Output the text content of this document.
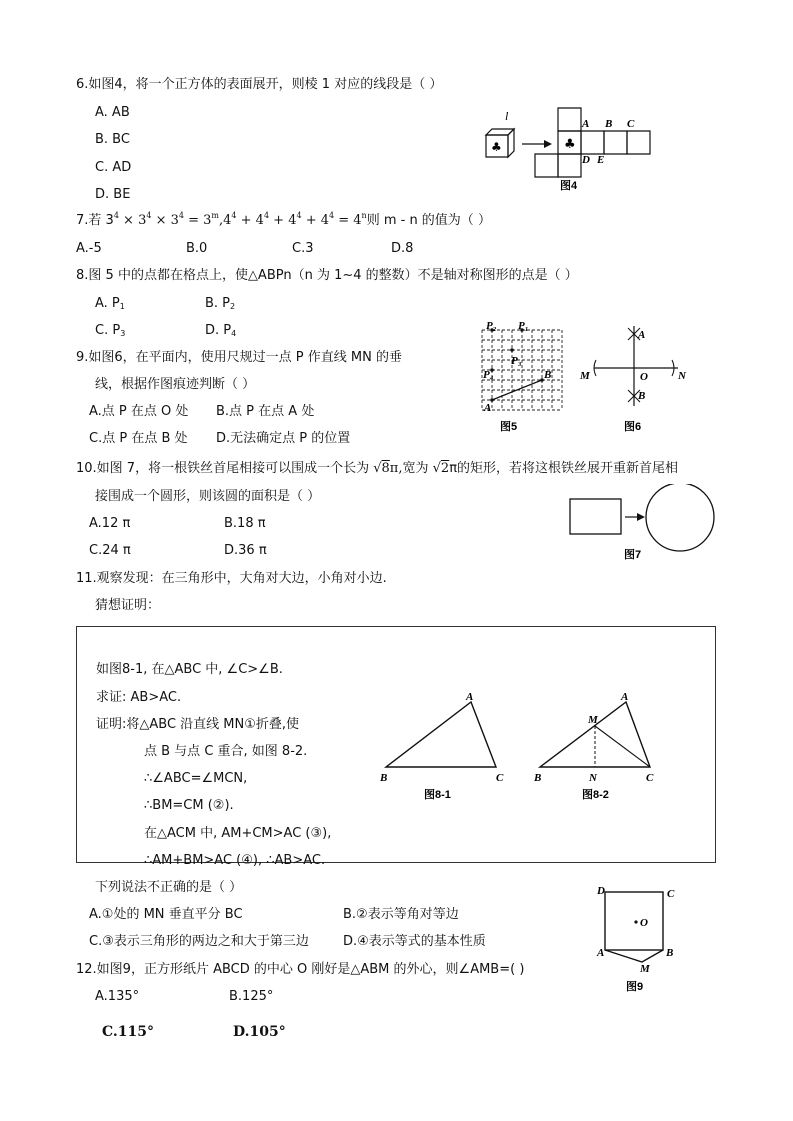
6.如图4，将一个正方体的表面展开，则棱 1 对应的线段是（ ）
A. AB
B. BC
C. AD
D. BE
l
♣	♣
A B C
D E
图4
7.若 $3^4 \times 3^4 \times 3^4 = 3^m,4^4 + 4^4 + 4^4 + 4^4 = 4^n$则 m - n 的值为（ ）
A.-5	B.0	C.3	D.8
8.图 5 中的点都在格点上，使△ABPn（n 为 1~4 的整数）不是轴对称图形的点是（ ）
A. $P_1$	B. $P_2$
C. $P_3$	D. $P_4$
9.如图6，在平面内，使用尺规过一点 P 作直线 MN 的垂
线，根据作图痕迹判断（ ）
A.点 P 在点 O 处 B.点 P 在点 A 处
C.点 P 在点 B 处 D.无法确定点 P 的位置
P₂ P₁
P₃
P₄	B
A
图5
A
M	O	N
B
图6
10.如图 7，将一根铁丝首尾相接可以围成一个长为 √8π,宽为 √2π的矩形，若将这根铁丝展开重新首尾相
接围成一个圆形，则该圆的面积是（ ）
A.12 π	B.18 π
C.24 π	D.36 π	图7
11.观察发现：在三角形中，大角对大边，小角对小边.
猜想证明：
如图8-1, 在△ABC 中, ∠C>∠B.
求证: AB>AC.
证明:将△ABC 沿直线 MN①折叠,使
点 B 与点 C 重合, 如图 8-2.
∴∠ABC=∠MCN,
∴BM=CM (②).
在△ACM 中, AM+CM>AC (③),
∴AM+BM>AC (④), ∴AB>AC.
A
B	C
图8-1
M
A
B	N	C
图8-2
下列说法不正确的是（ ）
A.①处的 MN 垂直平分 BC	B.②表示等角对等边
C.③表示三角形的两边之和大于第三边	D.④表示等式的基本性质
D	C
O
A	B
M
图9
12.如图9，正方形纸片 ABCD 的中心 O 刚好是△ABM 的外心，则∠AMB=( )
A.135°	B.125°
C.115°	D.105°
